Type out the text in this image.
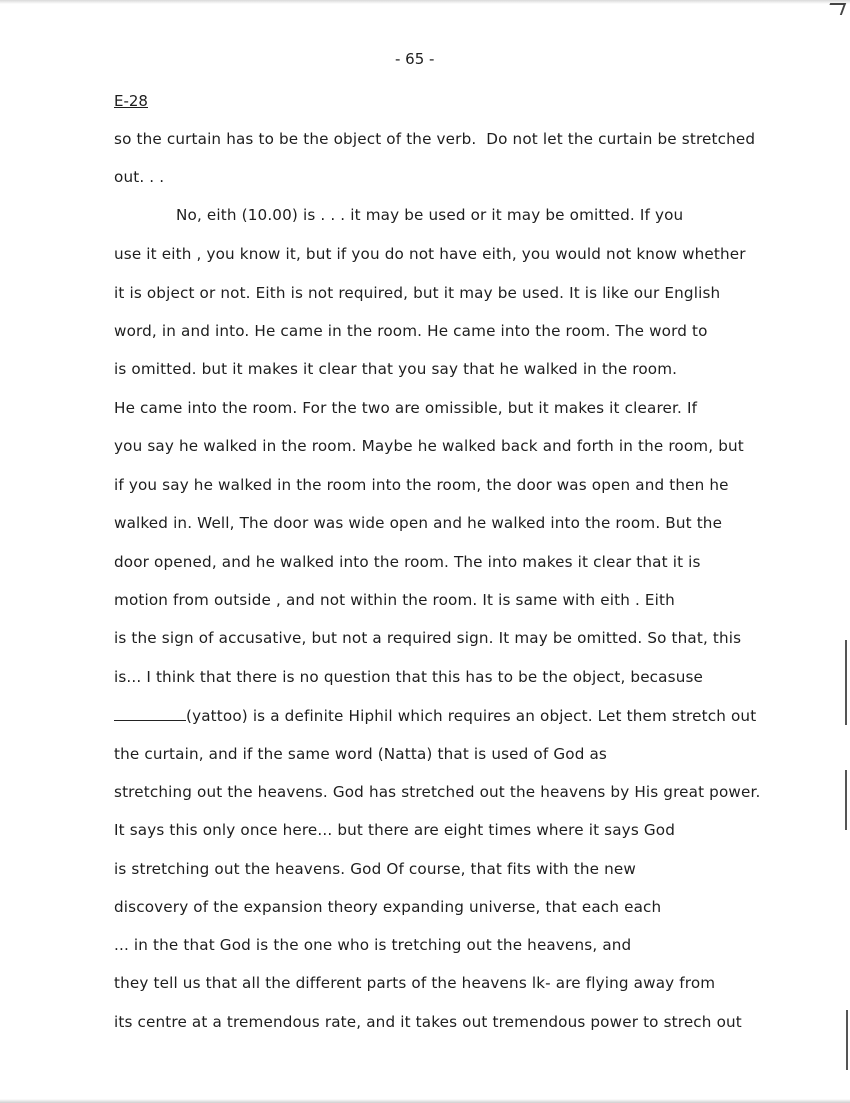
- 65 -
E-28
so the curtain has to be the object of the verb.  Do not let the curtain be stretched
out. . .
No, eith (10.00) is . . . it may be used or it may be omitted. If you
use it eith , you know it, but if you do not have eith, you would not know whether
it is object or not. Eith is not required, but it may be used. It is like our English
word, in and into. He came in the room. He came into the room. The word to
is omitted. but it makes it clear that you say that he walked in the room.
He came into the room. For the two are omissible, but it makes it clearer. If
you say he walked in the room. Maybe he walked back and forth in the room, but
if you say he walked in the room into the room, the door was open and then he
walked in. Well, The door was wide open and he walked into the room. But the
door opened, and he walked into the room. The into makes it clear that it is
motion from outside , and not within the room. It is same with eith . Eith
is the sign of accusative, but not a required sign. It may be omitted. So that, this
is... I think that there is no question that this has to be the object, becasuse
(yattoo) is a definite Hiphil which requires an object. Let them stretch out
the curtain, and if the same word (Natta) that is used of God as
stretching out the heavens. God has stretched out the heavens by His great power.
It says this only once here... but there are eight times where it says God
is stretching out the heavens. God Of course, that fits with the new
discovery of the expansion theory expanding universe, that each each
... in the that God is the one who is tretching out the heavens, and
they tell us that all the different parts of the heavens lk- are flying away from
its centre at a tremendous rate, and it takes out tremendous power to strech out
